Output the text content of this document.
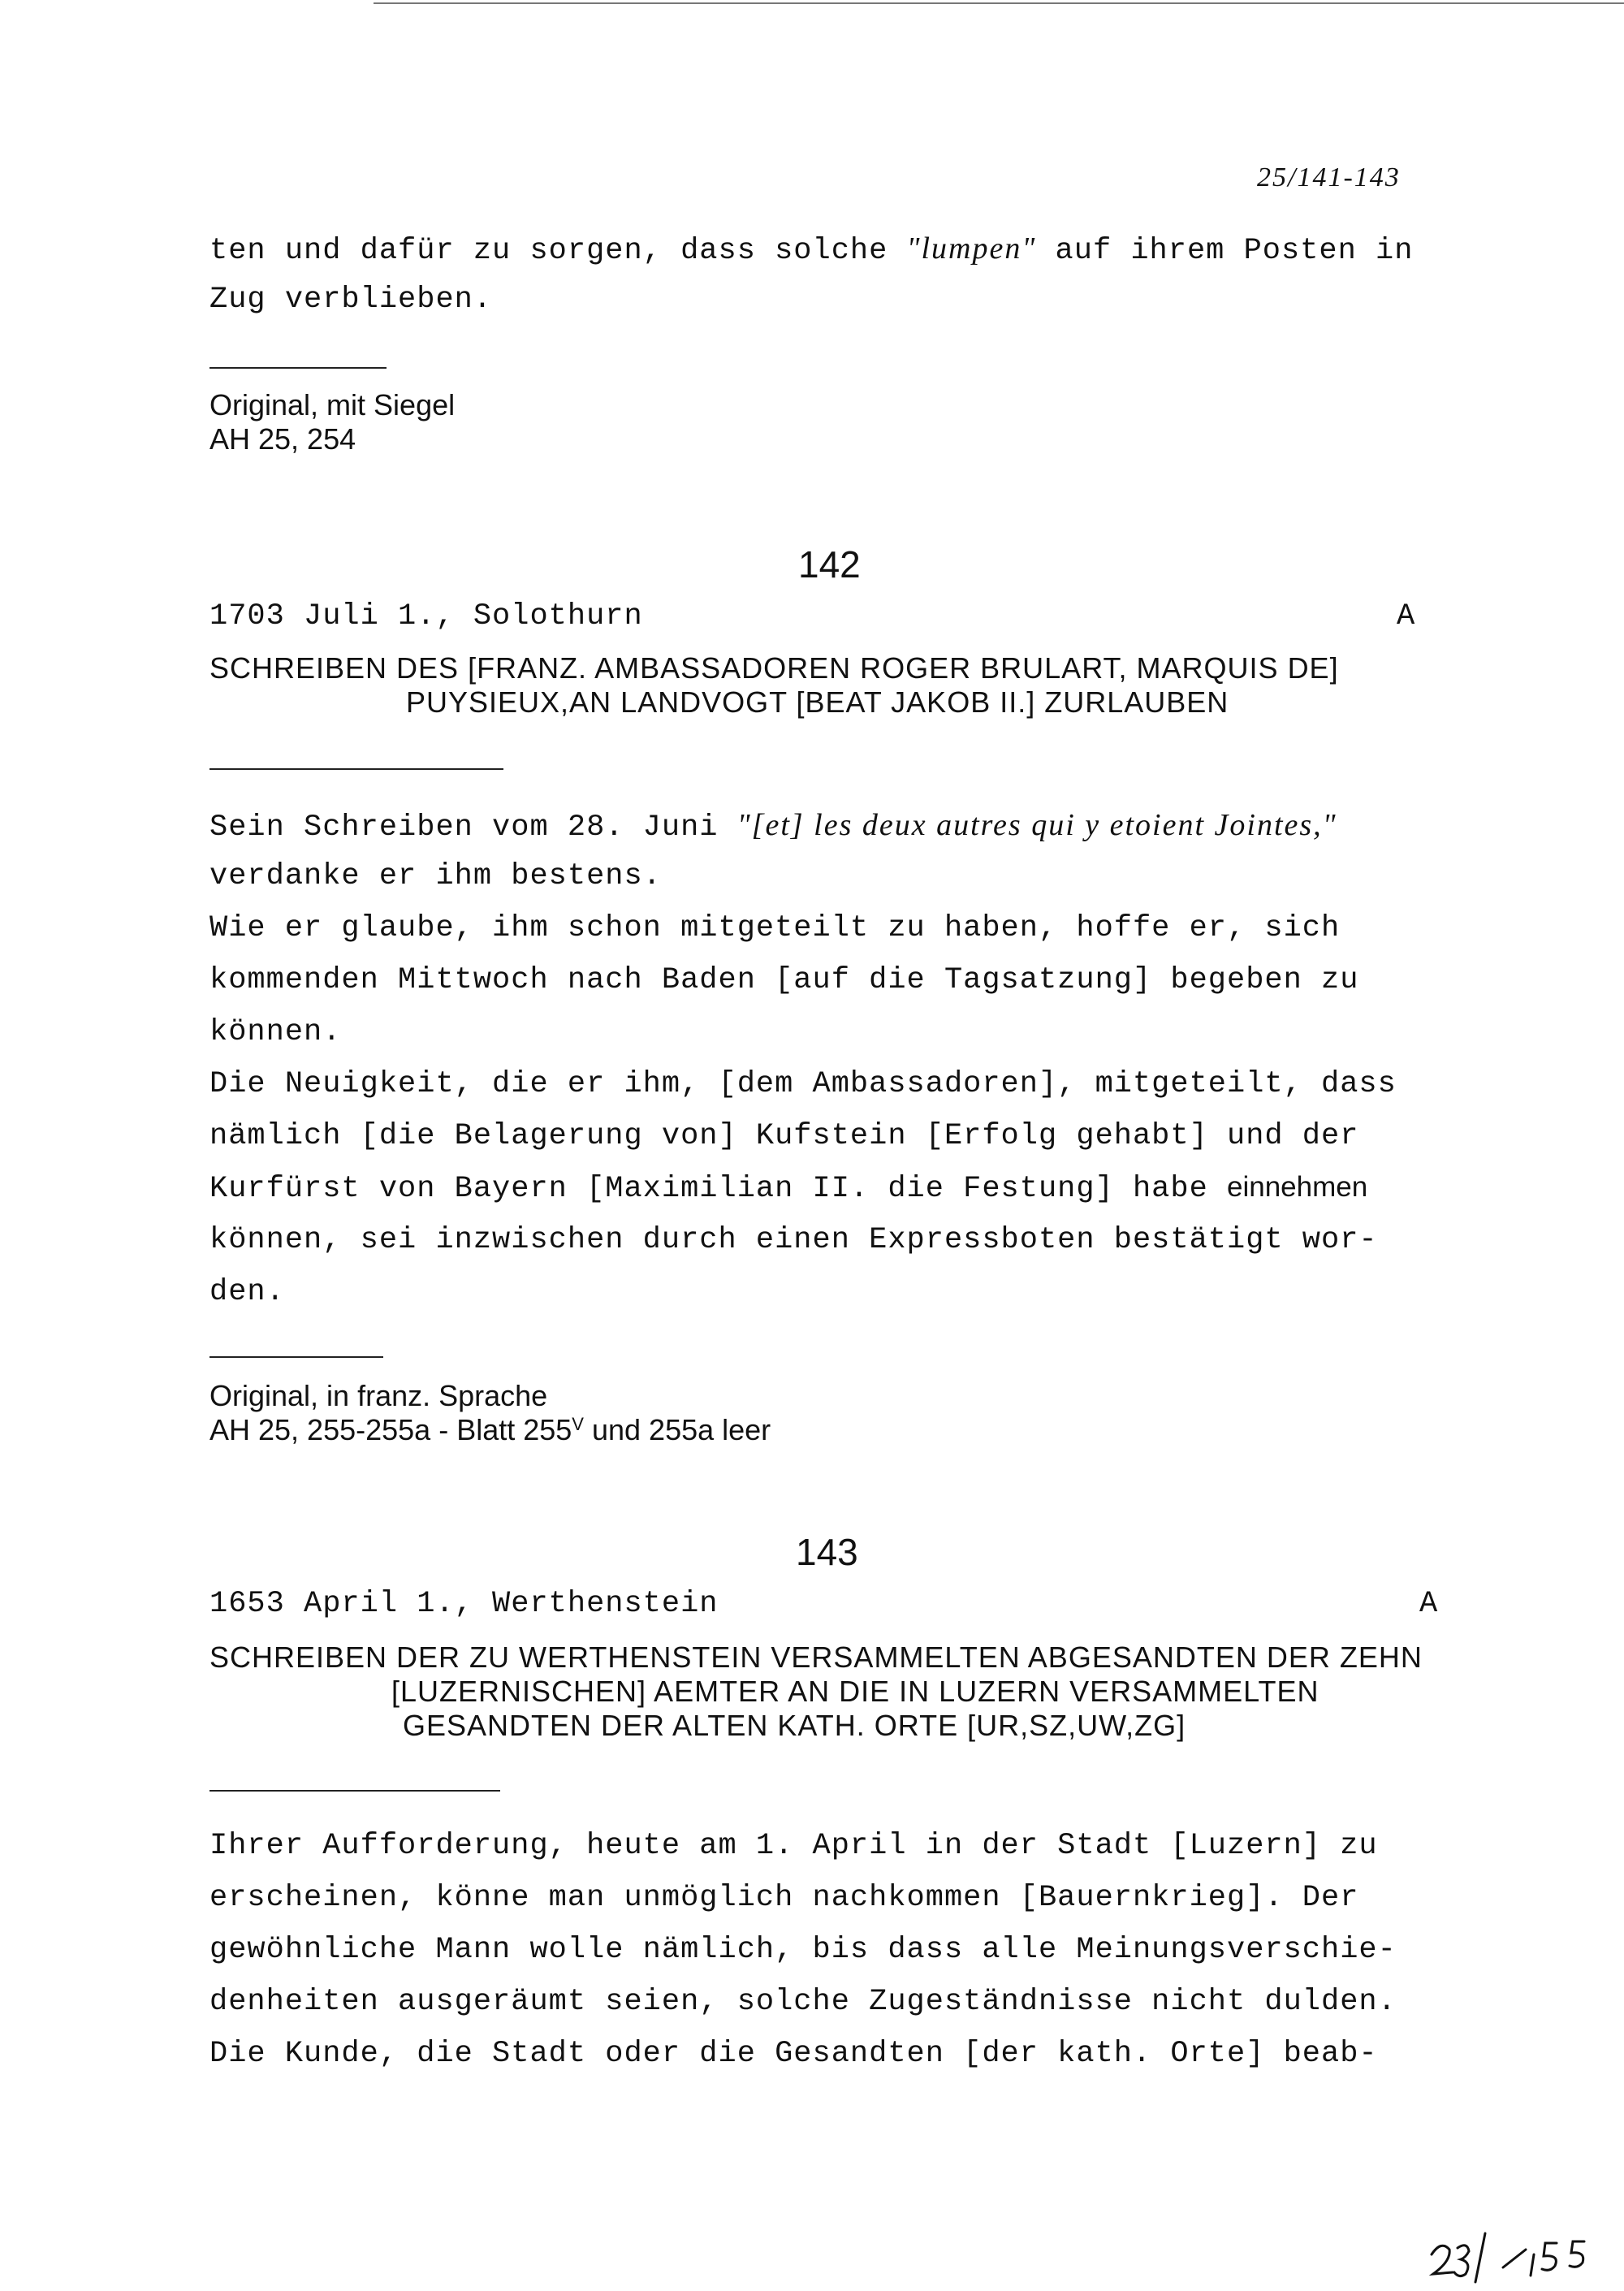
25/141-143
ten und dafür zu sorgen, dass solche "lumpen" auf ihrem Posten in
Zug verblieben.
Original, mit Siegel
AH 25, 254
142
1703 Juli 1., Solothurn	A
SCHREIBEN DES [FRANZ. AMBASSADOREN ROGER BRULART, MARQUIS DE]
PUYSIEUX,AN LANDVOGT [BEAT JAKOB II.] ZURLAUBEN
Sein Schreiben vom 28. Juni "[et] les deux autres qui y etoient Jointes,"
verdanke er ihm bestens.
Wie er glaube, ihm schon mitgeteilt zu haben, hoffe er, sich
kommenden Mittwoch nach Baden [auf die Tagsatzung] begeben zu
können.
Die Neuigkeit, die er ihm, [dem Ambassadoren], mitgeteilt, dass
nämlich [die Belagerung von] Kufstein [Erfolg gehabt] und der
Kurfürst von Bayern [Maximilian II. die Festung] habe einnehmen
können, sei inzwischen durch einen Expressboten bestätigt wor-
den.
Original, in franz. Sprache
AH 25, 255-255a - Blatt $255^V$ und 255a leer
143
1653 April 1., Werthenstein	A
SCHREIBEN DER ZU WERTHENSTEIN VERSAMMELTEN ABGESANDTEN DER ZEHN
[LUZERNISCHEN] AEMTER AN DIE IN LUZERN VERSAMMELTEN
GESANDTEN DER ALTEN KATH. ORTE [UR,SZ,UW,ZG]
Ihrer Aufforderung, heute am 1. April in der Stadt [Luzern] zu
erscheinen, könne man unmöglich nachkommen [Bauernkrieg]. Der
gewöhnliche Mann wolle nämlich, bis dass alle Meinungsverschie-
denheiten ausgeräumt seien, solche Zugeständnisse nicht dulden.
Die Kunde, die Stadt oder die Gesandten [der kath. Orte] beab-
